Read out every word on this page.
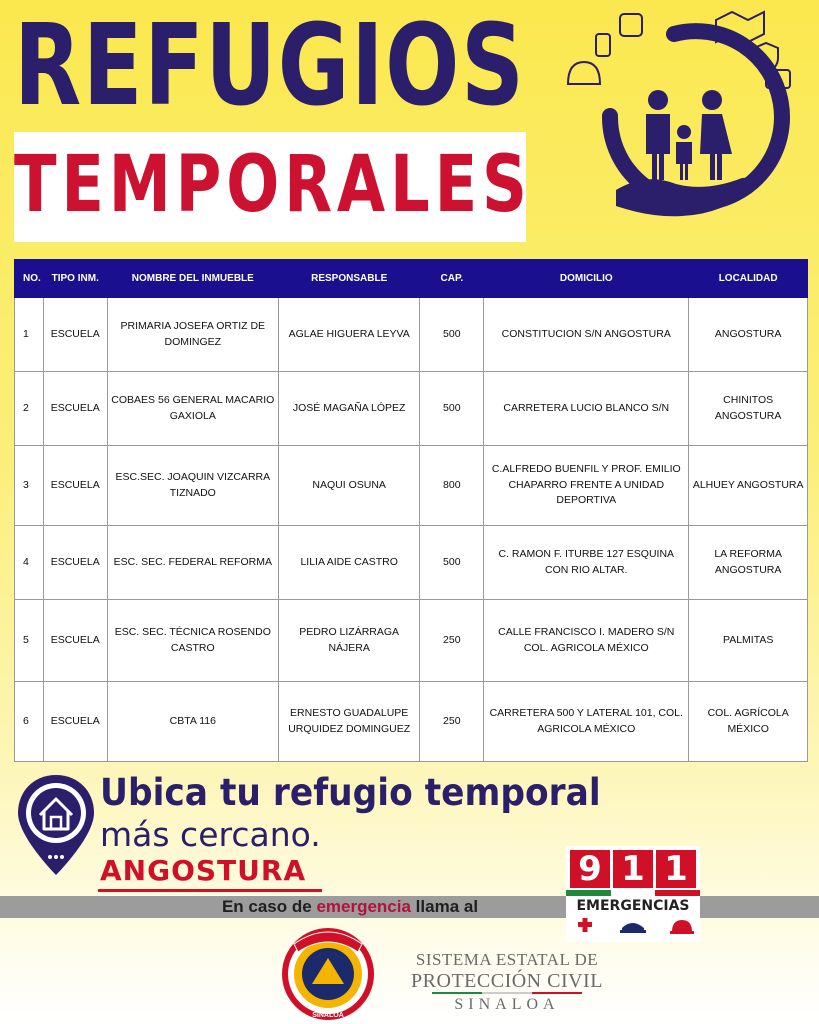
REFUGIOS
TEMPORALES
NO.	TIPO INM.	NOMBRE DEL INMUEBLE	RESPONSABLE	CAP.	DOMICILIO	LOCALIDAD
1	ESCUELA	PRIMARIA JOSEFA ORTIZ DE DOMINGEZ	AGLAE HIGUERA LEYVA	500	CONSTITUCION S/N ANGOSTURA	ANGOSTURA
2	ESCUELA	COBAES 56 GENERAL MACARIO GAXIOLA	JOSÉ MAGAÑA LÓPEZ	500	CARRETERA LUCIO BLANCO S/N	CHINITOS ANGOSTURA
3	ESCUELA	ESC.SEC. JOAQUIN VIZCARRA TIZNADO	NAQUI OSUNA	800	C.ALFREDO BUENFIL Y PROF. EMILIO CHAPARRO FRENTE A UNIDAD DEPORTIVA	ALHUEY ANGOSTURA
4	ESCUELA	ESC. SEC. FEDERAL REFORMA	LILIA AIDE CASTRO	500	C. RAMON F. ITURBE 127 ESQUINA CON RIO ALTAR.	LA REFORMA ANGOSTURA
5	ESCUELA	ESC. SEC. TÉCNICA ROSENDO CASTRO	PEDRO LIZÁRRAGA NÁJERA	250	CALLE FRANCISCO I. MADERO S/N COL. AGRICOLA MÉXICO	PALMITAS
6	ESCUELA	CBTA 116	ERNESTO GUADALUPE URQUIDEZ DOMINGUEZ	250	CARRETERA 500 Y LATERAL 101, COL. AGRICOLA MÉXICO	COL. AGRÍCOLA MÉXICO
Ubica tu refugio temporal
más cercano.
ANGOSTURA
En caso de emergencia llama al
9 1 1
EMERGENCIAS
SINALOA
SISTEMA ESTATAL DE
PROTECCIÓN CIVIL
SINALOA
